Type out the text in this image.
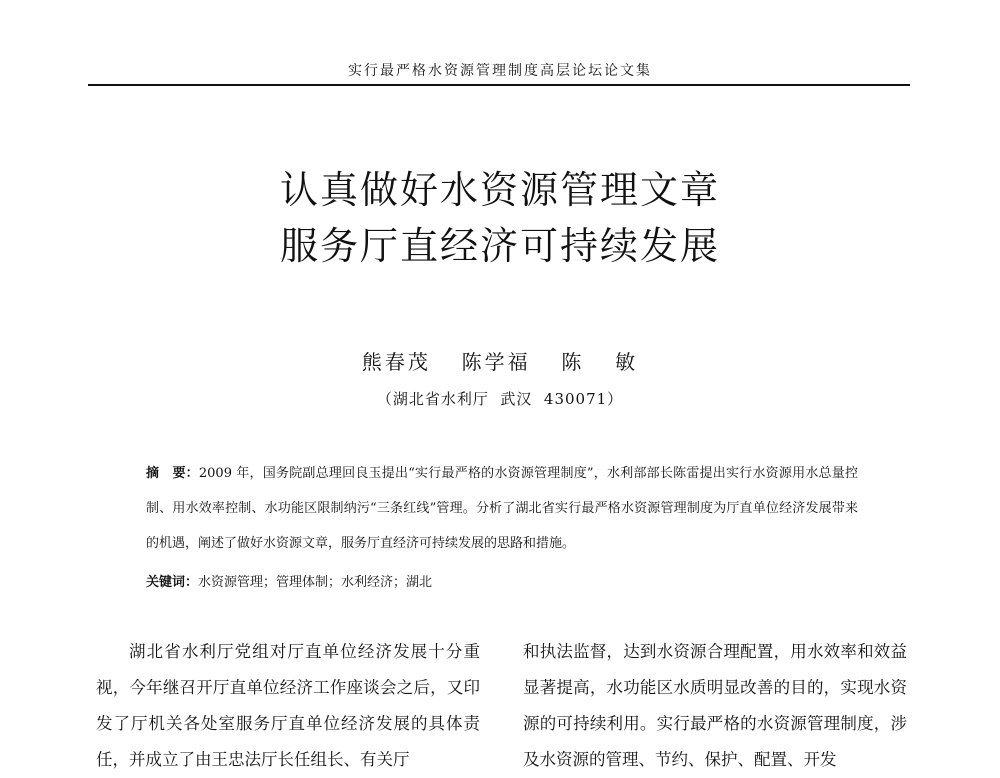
实行最严格水资源管理制度高层论坛论文集
认真做好水资源管理文章
服务厅直经济可持续发展
熊春茂  陈学福  陈  敏
（湖北省水利厅  武汉  430071）
摘　要：2009 年，国务院副总理回良玉提出“实行最严格的水资源管理制度”，水利部部长陈雷提出实行水资源用水总量控制、用水效率控制、水功能区限制纳污“三条红线”管理。分析了湖北省实行最严格水资源管理制度为厅直单位经济发展带来的机遇，阐述了做好水资源文章，服务厅直经济可持续发展的思路和措施。
关键词：水资源管理；管理体制；水利经济；湖北
湖北省水利厅党组对厅直单位经济发展十分重视，今年继召开厅直单位经济工作座谈会之后，又印发了厅机关各处室服务厅直单位经济发展的具体责任，并成立了由王忠法厅长任组长、有关厅
和执法监督，达到水资源合理配置，用水效率和效益显著提高，水功能区水质明显改善的目的，实现水资源的可持续利用。实行最严格的水资源管理制度，涉及水资源的管理、节约、保护、配置、开发
